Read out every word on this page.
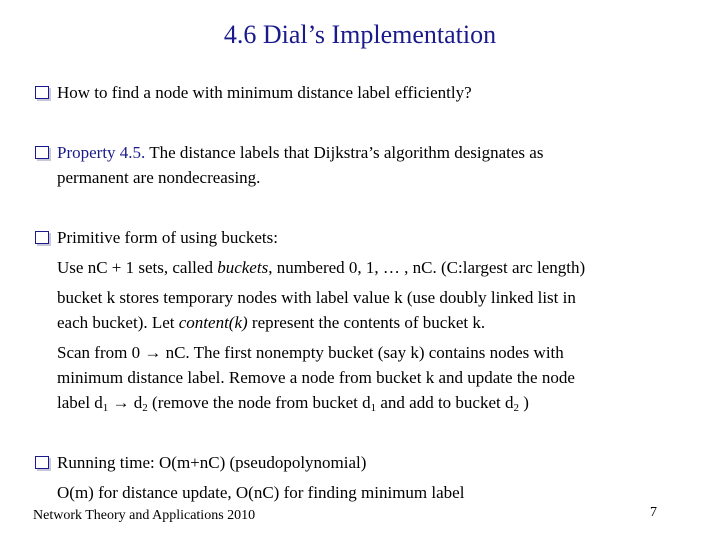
4.6 Dial’s Implementation
How to find a node with minimum distance label efficiently?
Property 4.5. The distance labels that Dijkstra’s algorithm designates as
permanent are nondecreasing.
Primitive form of using buckets:
Use nC + 1 sets, called buckets, numbered 0, 1, … , nC. (C:largest arc length)
bucket k stores temporary nodes with label value k (use doubly linked list in
each bucket). Let content(k) represent the contents of bucket k.
Scan from 0 → nC. The first nonempty bucket (say k) contains nodes with
minimum distance label. Remove a node from bucket k and update the node
label $d_1 \to d_2$ (remove the node from bucket $d_1$ and add to bucket $d_2$ )
Running time: O(m+nC) (pseudopolynomial)
O(m) for distance update, O(nC) for finding minimum label
Network Theory and Applications 2010	7
